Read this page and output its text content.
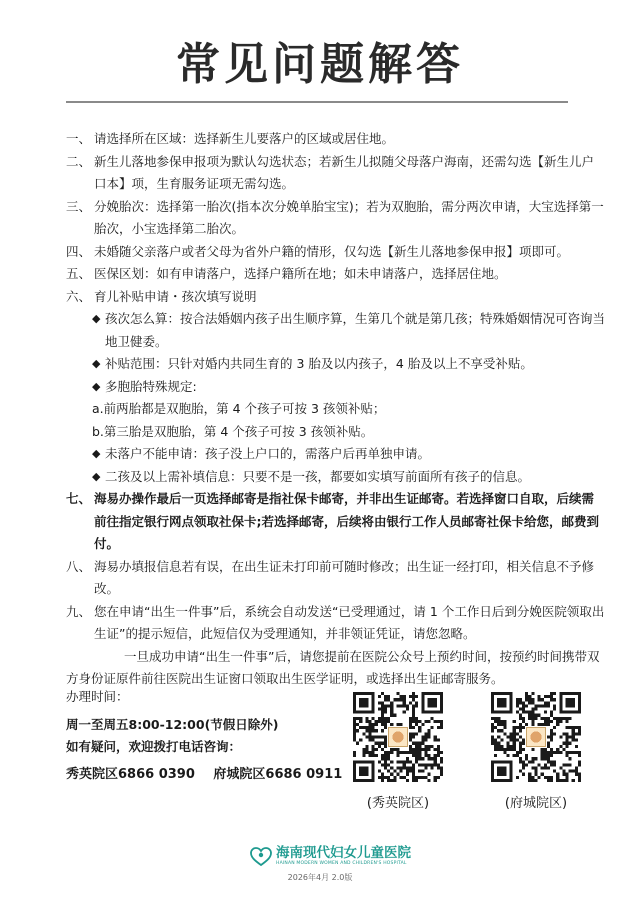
常见问题解答
一、 请选择所在区域：选择新生儿要落户的区域或居住地。
二、 新生儿落地参保申报项为默认勾选状态；若新生儿拟随父母落户海南，还需勾选【新生儿户口本】项，生育服务证项无需勾选。
三、 分娩胎次：选择第一胎次(指本次分娩单胎宝宝)；若为双胞胎，需分两次申请，大宝选择第一胎次，小宝选择第二胎次。
四、 未婚随父亲落户或者父母为省外户籍的情形，仅勾选【新生儿落地参保申报】项即可。
五、 医保区划：如有申请落户，选择户籍所在地；如未申请落户，选择居住地。
六、 育儿补贴申请・孩次填写说明
◆ 孩次怎么算：按合法婚姻内孩子出生顺序算，生第几个就是第几孩；特殊婚姻情况可咨询当地卫健委。
◆ 补贴范围：只针对婚内共同生育的 3 胎及以内孩子，4 胎及以上不享受补贴。
◆ 多胞胎特殊规定:
a.前两胎都是双胞胎，第 4 个孩子可按 3 孩领补贴；
b.第三胎是双胞胎，第 4 个孩子可按 3 孩领补贴。
◆ 未落户不能申请：孩子没上户口的，需落户后再单独申请。
◆ 二孩及以上需补填信息：只要不是一孩，都要如实填写前面所有孩子的信息。
七、 海易办操作最后一页选择邮寄是指社保卡邮寄，并非出生证邮寄。若选择窗口自取，后续需前往指定银行网点领取社保卡;若选择邮寄，后续将由银行工作人员邮寄社保卡给您，邮费到付。
八、 海易办填报信息若有误，在出生证未打印前可随时修改；出生证一经打印，相关信息不予修改。
九、 您在申请“出生一件事”后，系统会自动发送“已受理通过，请 1 个工作日后到分娩医院领取出生证”的提示短信，此短信仅为受理通知，并非领证凭证，请您忽略。
一旦成功申请“出生一件事”后，请您提前在医院公众号上预约时间，按预约时间携带双方身份证原件前往医院出生证窗口领取出生医学证明，或选择出生证邮寄服务。
办理时间：
周一至周五8:00-12:00(节假日除外)
如有疑问，欢迎拨打电话咨询：
秀英院区6866 0390 府城院区6686 0911
(秀英院区)	(府城院区)
海南现代妇女儿童医院
HAINAN MODERN WOMEN AND CHILDREN'S HOSPITAL
2026年4月 2.0版
